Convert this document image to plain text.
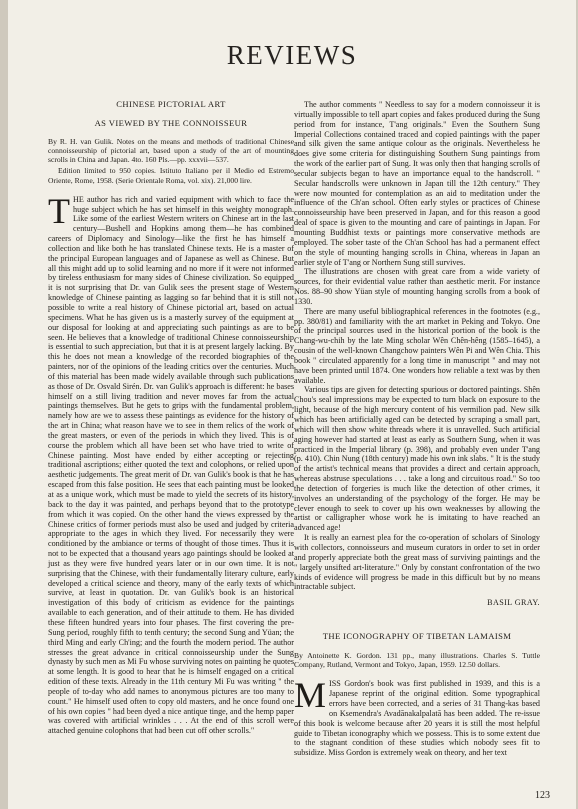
REVIEWS

CHINESE PICTORIAL ART

AS VIEWED BY THE CONNOISSEUR

By R. H. van Gulik. Notes on the means and methods of traditional Chinese connoisseurship of pictorial art, based upon a study of the art of mounting scrolls in China and Japan. 4to. 160 Pls.—pp. xxxvii—537.

Edition limited to 950 copies. Istituto Italiano per il Medio ed Estremo Oriente, Rome, 1958. (Serie Orientale Roma, vol. xix). 21,000 lire.

THE author has rich and varied equipment with which to face the huge subject which he has set himself in this weighty monograph. Like some of the earliest Western writers on Chinese art in the last century—Bushell and Hopkins among them—he has combined careers of Diplomacy and Sinology—like the first he has himself a collection and like both he has translated Chinese texts. He is a master of the principal European languages and of Japanese as well as Chinese. But all this might add up to solid learning and no more if it were not informed by tireless enthusiasm for many sides of Chinese civilization. So equipped it is not surprising that Dr. van Gulik sees the present stage of Western knowledge of Chinese painting as lagging so far behind that it is still not possible to write a real history of Chinese pictorial art, based on actual specimens. What he has given us is a masterly survey of the equipment at our disposal for looking at and appreciating such paintings as are to be seen. He believes that a knowledge of traditional Chinese connoisseurship is essential to such appreciation, but that it is at present largely lacking. By this he does not mean a knowledge of the recorded biographies of the painters, nor of the opinions of the leading critics over the centuries. Much of this material has been made widely available through such publications as those of Dr. Osvald Sirén. Dr. van Gulik's approach is different: he bases himself on a still living tradition and never moves far from the actual paintings themselves. But he gets to grips with the fundamental problem, namely how are we to assess these paintings as evidence for the history of the art in China; what reason have we to see in them relics of the work of the great masters, or even of the periods in which they lived. This is of course the problem which all have been set who have tried to write of Chinese painting. Most have ended by either accepting or rejecting traditional ascriptions; either quoted the text and colophons, or relied upon aesthetic judgements. The great merit of Dr. van Gulik's book is that he has escaped from this false position. He sees that each painting must be looked at as a unique work, which must be made to yield the secrets of its history, back to the day it was painted, and perhaps beyond that to the prototype from which it was copied. On the other hand the views expressed by the Chinese critics of former periods must also be used and judged by criteria appropriate to the ages in which they lived. For necessarily they were conditioned by the ambiance or terms of thought of those times. Thus it is not to be expected that a thousand years ago paintings should be looked at just as they were five hundred years later or in our own time. It is not surprising that the Chinese, with their fundamentally literary culture, early developed a critical science and theory, many of the early texts of which survive, at least in quotation. Dr. van Gulik's book is an historical investigation of this body of criticism as evidence for the paintings available to each generation, and of their attitude to them. He has divided these fifteen hundred years into four phases. The first covering the pre-Sung period, roughly fifth to tenth century; the second Sung and Yüan; the third Ming and early Ch'ing; and the fourth the modern period. The author stresses the great advance in critical connoisseurship under the Sung dynasty by such men as Mi Fu whose surviving notes on painting he quotes at some length. It is good to hear that he is himself engaged on a critical edition of these texts. Already in the 11th century Mi Fu was writing " the people of to-day who add names to anonymous pictures are too many to count." He himself used often to copy old masters, and he once found one of his own copies " had been dyed a nice antique tinge, and the hemp paper was covered with artificial wrinkles . . . At the end of this scroll were attached genuine colophons that had been cut off other scrolls."

The author comments " Needless to say for a modern connoisseur it is virtually impossible to tell apart copies and fakes produced during the Sung period from for instance, T'ang originals." Even the Southern Sung Imperial Collections contained traced and copied paintings with the paper and silk given the same antique colour as the originals. Nevertheless he does give some criteria for distinguishing Southern Sung paintings from the work of the earlier part of Sung. It was only then that hanging scrolls of secular subjects began to have an importance equal to the handscroll. " Secular handscrolls were unknown in Japan till the 12th century." They were now mounted for contemplation as an aid to meditation under the influence of the Ch'an school. Often early styles or practices of Chinese connoisseurship have been preserved in Japan, and for this reason a good deal of space is given to the mounting and care of paintings in Japan. For mounting Buddhist texts or paintings more conservative methods are employed. The sober taste of the Ch'an School has had a permanent effect on the style of mounting hanging scrolls in China, whereas in Japan an earlier style of T'ang or Northern Sung still survives.

The illustrations are chosen with great care from a wide variety of sources, for their evidential value rather than aesthetic merit. For instance Nos. 88–90 show Yüan style of mounting hanging scrolls from a book of 1330.

There are many useful bibliographical references in the footnotes (e.g., pp. 380/81) and familiarity with the art market in Peking and Tokyo. One of the principal sources used in the historical portion of the book is the Chang-wu-chih by the late Ming scholar Wên Chên-hêng (1585–1645), a cousin of the well-known Changchow painters Wên Pi and Wên Chia. This book " circulated apparently for a long time in manuscript " and may not have been printed until 1874. One wonders how reliable a text was by then available.

Various tips are given for detecting spurious or doctored paintings. Shên Chou's seal impressions may be expected to turn black on exposure to the light, because of the high mercury content of his vermilion pad. New silk which has been artificially aged can be detected by scraping a small part, which will then show white threads where it is unravelled. Such artificial aging however had started at least as early as Southern Sung, when it was practiced in the Imperial library (p. 398), and probably even under T'ang (p. 410). Chin Nung (18th century) made his own ink slabs. " It is the study of the artist's technical means that provides a direct and certain approach, whereas abstruse speculations . . . take a long and circuitous road." So too the detection of forgeries is much like the detection of other crimes, it involves an understanding of the psychology of the forger. He may be clever enough to seek to cover up his own weaknesses by allowing the artist or calligrapher whose work he is imitating to have reached an advanced age!

It is really an earnest plea for the co-operation of scholars of Sinology with collectors, connoisseurs and museum curators in order to set in order and properly appreciate both the great mass of surviving paintings and the " largely unsifted art-literature." Only by constant confrontation of the two kinds of evidence will progress be made in this difficult but by no means intractable subject.

BASIL GRAY.

THE ICONOGRAPHY OF TIBETAN LAMAISM

By Antoinette K. Gordon. 131 pp., many illustrations. Charles S. Tuttle Company, Rutland, Vermont and Tokyo, Japan, 1959. 12.50 dollars.

MISS Gordon's book was first published in 1939, and this is a Japanese reprint of the original edition. Some typographical errors have been corrected, and a series of 31 Thang-kas based on Ksemendra's Avadānakalpalatā has been added. The re-issue of this book is welcome because after 20 years it is still the most helpful guide to Tibetan iconography which we possess. This is to some extent due to the stagnant condition of these studies which nobody sees fit to subsidize. Miss Gordon is extremely weak on theory, and her text

123
